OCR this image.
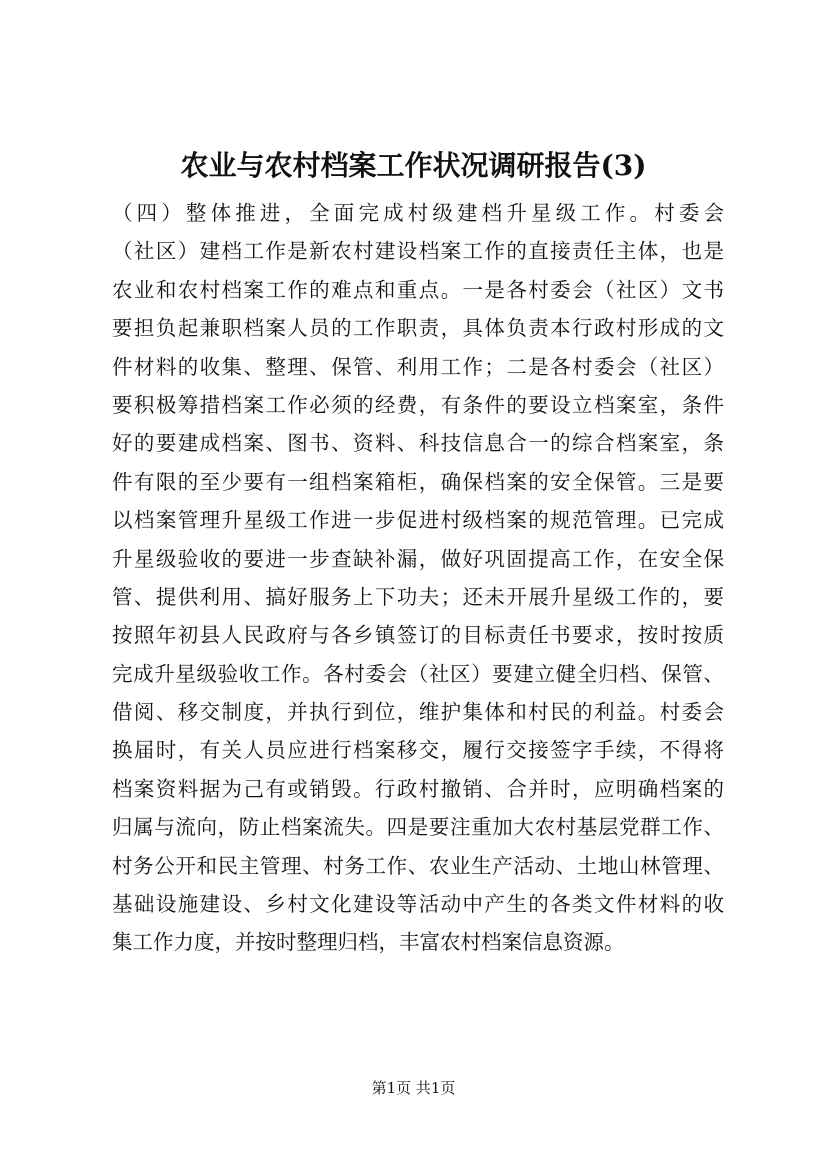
农业与农村档案工作状况调研报告(3)
（四）整体推进，全面完成村级建档升星级工作。村委会
（社区）建档工作是新农村建设档案工作的直接责任主体，也是
农业和农村档案工作的难点和重点。一是各村委会（社区）文书
要担负起兼职档案人员的工作职责，具体负责本行政村形成的文
件材料的收集、整理、保管、利用工作；二是各村委会（社区）
要积极筹措档案工作必须的经费，有条件的要设立档案室，条件
好的要建成档案、图书、资料、科技信息合一的综合档案室，条
件有限的至少要有一组档案箱柜，确保档案的安全保管。三是要
以档案管理升星级工作进一步促进村级档案的规范管理。已完成
升星级验收的要进一步查缺补漏，做好巩固提高工作，在安全保
管、提供利用、搞好服务上下功夫；还未开展升星级工作的，要
按照年初县人民政府与各乡镇签订的目标责任书要求，按时按质
完成升星级验收工作。各村委会（社区）要建立健全归档、保管、
借阅、移交制度，并执行到位，维护集体和村民的利益。村委会
换届时，有关人员应进行档案移交，履行交接签字手续，不得将
档案资料据为己有或销毁。行政村撤销、合并时，应明确档案的
归属与流向，防止档案流失。四是要注重加大农村基层党群工作、
村务公开和民主管理、村务工作、农业生产活动、土地山林管理、
基础设施建设、乡村文化建设等活动中产生的各类文件材料的收
集工作力度，并按时整理归档，丰富农村档案信息资源。
第1页 共1页
